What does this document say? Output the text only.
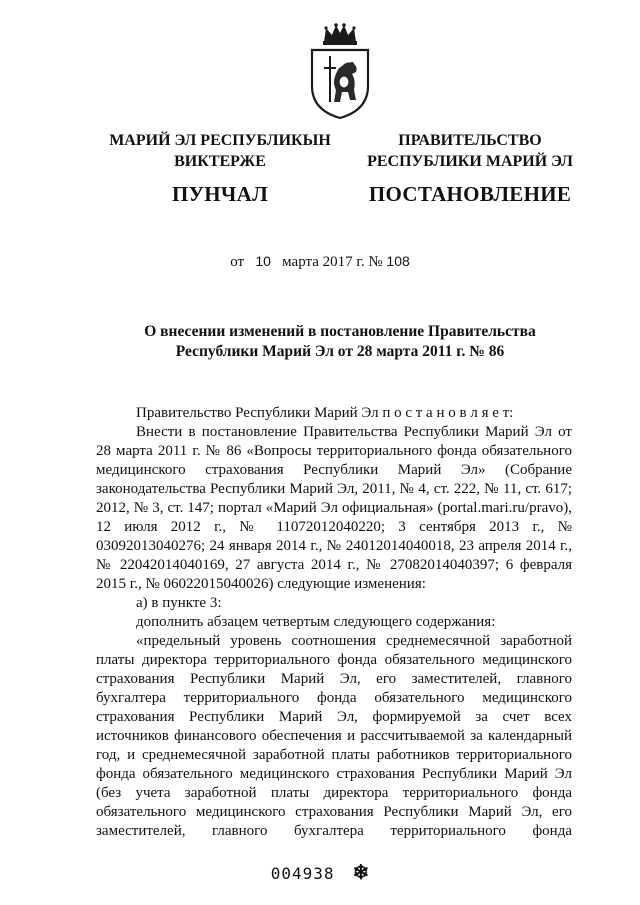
МАРИЙ ЭЛ РЕСПУБЛИКЫН
ВИКТЕРЖЕ
ПУНЧАЛ
ПРАВИТЕЛЬСТВО
РЕСПУБЛИКИ МАРИЙ ЭЛ
ПОСТАНОВЛЕНИЕ
от 10 марта 2017 г. № 108
О внесении изменений в постановление Правительства
Республики Марий Эл от 28 марта 2011 г. № 86

Правительство Республики Марий Эл п о с т а н о в л я е т:

Внести в постановление Правительства Республики Марий Эл от 28 марта 2011 г. № 86 «Вопросы территориального фонда обязательного медицинского страхования Республики Марий Эл» (Собрание законодательства Республики Марий Эл, 2011, № 4, ст. 222, № 11, ст. 617; 2012, № 3, ст. 147; портал «Марий Эл официальная» (portal.mari.ru/pravo), 12 июля 2012 г., № 11072012040220; 3 сентября 2013 г., № 03092013040276; 24 января 2014 г., № 24012014040018, 23 апреля 2014 г., № 22042014040169, 27 августа 2014 г., № 27082014040397; 6 февраля 2015 г., № 06022015040026) следующие изменения:

а) в пункте 3:

дополнить абзацем четвертым следующего содержания:

«предельный уровень соотношения среднемесячной заработной платы директора территориального фонда обязательного медицинского страхования Республики Марий Эл, его заместителей, главного бухгалтера территориального фонда обязательного медицинского страхования Республики Марий Эл, формируемой за счет всех источников финансового обеспечения и рассчитываемой за календарный год, и среднемесячной заработной платы работников территориального фонда обязательного медицинского страхования Республики Марий Эл (без учета заработной платы директора территориального фонда обязательного медицинского страхования Республики Марий Эл, его заместителей, главного бухгалтера территориального фонда

004938 ❄
